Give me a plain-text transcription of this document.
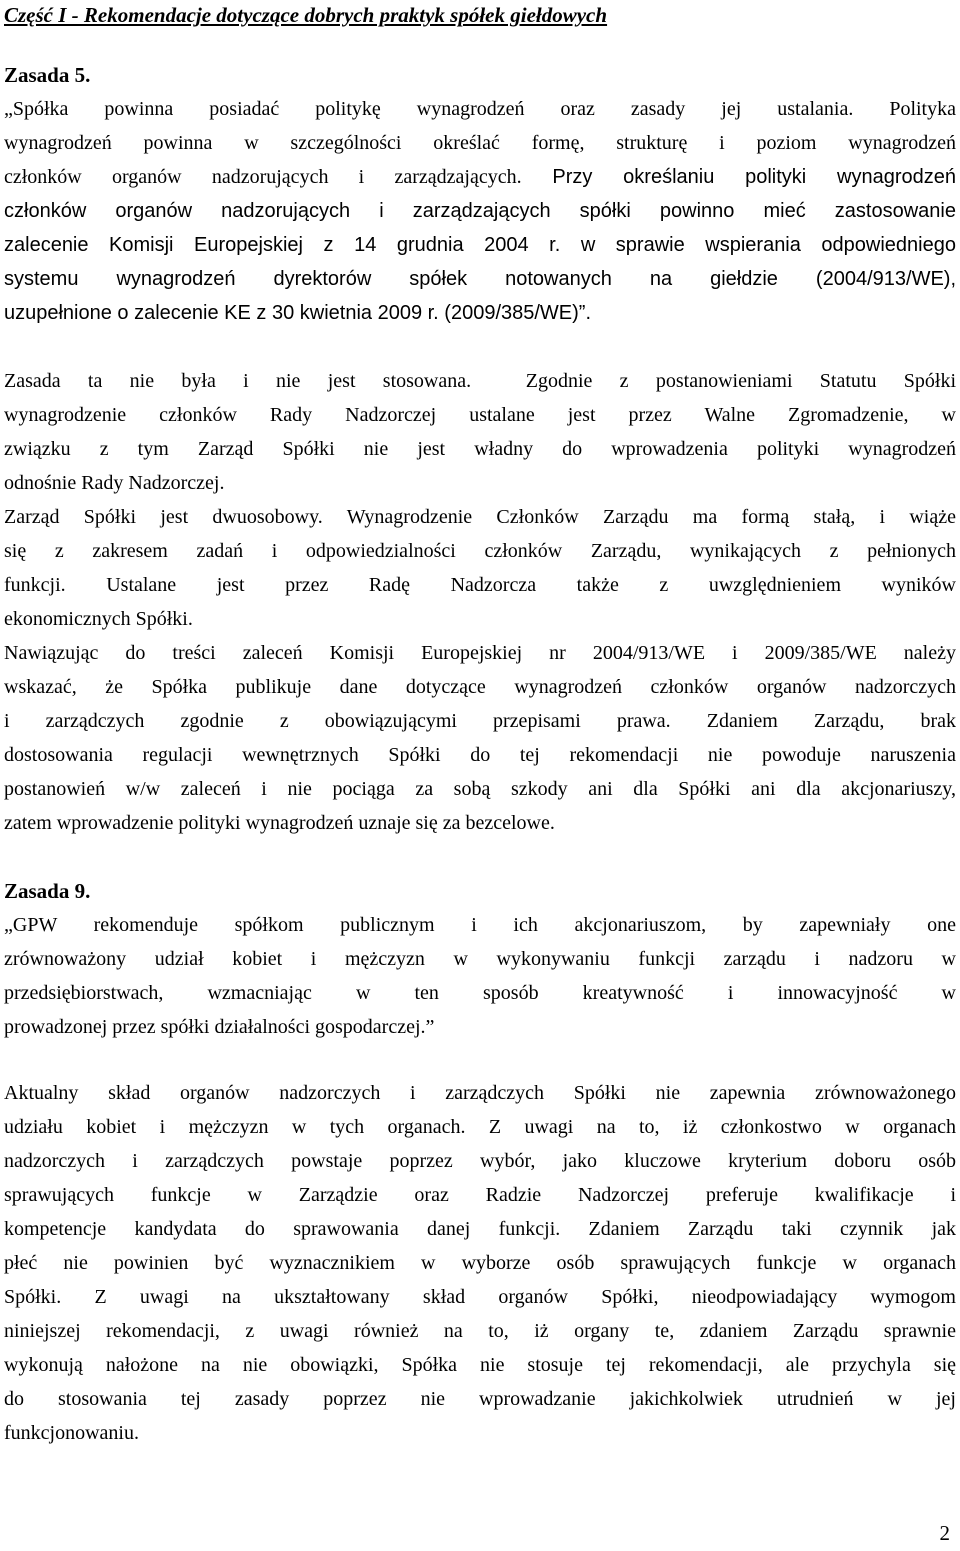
Część I - Rekomendacje dotyczące dobrych praktyk spółek giełdowych
Zasada 5.
„Spółka powinna posiadać politykę wynagrodzeń oraz zasady jej ustalania. Polityka
wynagrodzeń powinna w szczególności określać formę, strukturę i poziom wynagrodzeń
członków organów nadzorujących i zarządzających. Przy określaniu polityki wynagrodzeń
członków organów nadzorujących i zarządzających spółki powinno mieć zastosowanie
zalecenie Komisji Europejskiej z 14 grudnia 2004 r. w sprawie wspierania odpowiedniego
systemu wynagrodzeń dyrektorów spółek notowanych na giełdzie (2004/913/WE),
uzupełnione o zalecenie KE z 30 kwietnia 2009 r. (2009/385/WE)”.
Zasada ta nie była i nie jest stosowana.	Zgodnie z postanowieniami Statutu Spółki
wynagrodzenie członków Rady Nadzorczej ustalane jest przez Walne Zgromadzenie, w
związku z tym Zarząd Spółki nie jest władny do wprowadzenia polityki wynagrodzeń
odnośnie Rady Nadzorczej.
Zarząd Spółki jest dwuosobowy. Wynagrodzenie Członków Zarządu ma formą stałą, i wiąże
się z zakresem zadań i odpowiedzialności członków Zarządu, wynikających z pełnionych
funkcji. Ustalane jest przez Radę Nadzorcza także z uwzględnieniem wyników
ekonomicznych Spółki.
Nawiązując do treści zaleceń Komisji Europejskiej nr 2004/913/WE i 2009/385/WE należy
wskazać, że Spółka publikuje dane dotyczące wynagrodzeń członków organów nadzorczych
i zarządczych zgodnie z obowiązującymi przepisami prawa. Zdaniem Zarządu, brak
dostosowania regulacji wewnętrznych Spółki do tej rekomendacji nie powoduje naruszenia
postanowień w/w zaleceń i nie pociąga za sobą szkody ani dla Spółki ani dla akcjonariuszy,
zatem wprowadzenie polityki wynagrodzeń uznaje się za bezcelowe.
Zasada 9.
„GPW rekomenduje spółkom publicznym i ich akcjonariuszom, by zapewniały one
zrównoważony udział kobiet i mężczyzn w wykonywaniu funkcji zarządu i nadzoru w
przedsiębiorstwach, wzmacniając w ten sposób kreatywność i innowacyjność w
prowadzonej przez spółki działalności gospodarczej.”
Aktualny skład organów nadzorczych i zarządczych Spółki nie zapewnia zrównoważonego
udziału kobiet i mężczyzn w tych organach. Z uwagi na to, iż członkostwo w organach
nadzorczych i zarządczych powstaje poprzez wybór, jako kluczowe kryterium doboru osób
sprawujących funkcje w Zarządzie oraz Radzie Nadzorczej preferuje kwalifikacje i
kompetencje kandydata do sprawowania danej funkcji. Zdaniem Zarządu taki czynnik jak
płeć nie powinien być wyznacznikiem w wyborze osób sprawujących funkcje w organach
Spółki. Z uwagi na ukształtowany skład organów Spółki, nieodpowiadający wymogom
niniejszej rekomendacji, z uwagi również na to, iż organy te, zdaniem Zarządu sprawnie
wykonują nałożone na nie obowiązki, Spółka nie stosuje tej rekomendacji, ale przychyla się
do stosowania tej zasady poprzez nie wprowadzanie jakichkolwiek utrudnień w jej
funkcjonowaniu.
2
